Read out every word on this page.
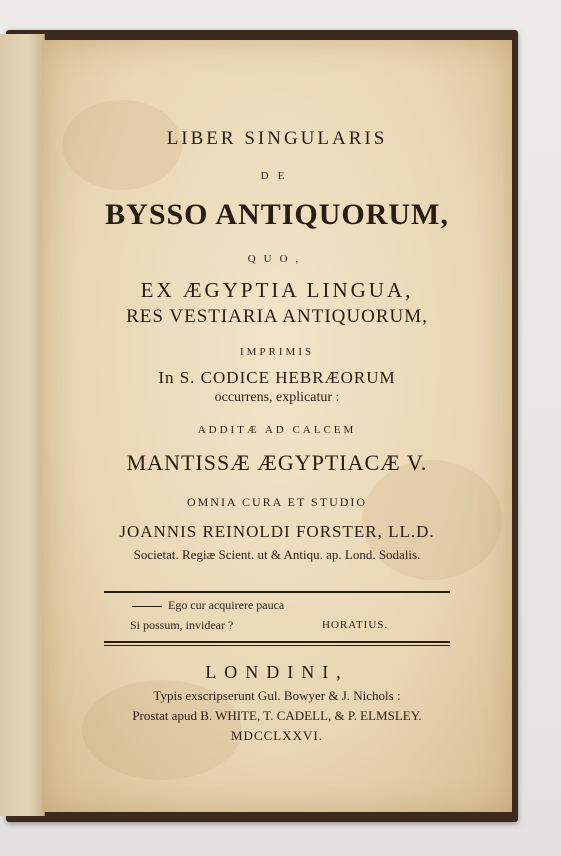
LIBER SINGULARIS
DE
BYSSO ANTIQUORUM,
QUO,
EX ÆGYPTIA LINGUA,
RES VESTIARIA ANTIQUORUM,
IMPRIMIS
In S. CODICE HEBRÆORUM
occurrens, explicatur :
ADDITÆ AD CALCEM
MANTISSÆ ÆGYPTIACÆ V.
OMNIA CURA ET STUDIO
JOANNIS REINOLDI FORSTER, LL.D.
Societat. Regiæ Scient. ut & Antiqu. ap. Lond. Sodalis.
Ego cur acquirere pauca
Si possum, invidear ?	HORATIUS.
LONDINI,
Typis exscripserunt Gul. Bowyer & J. Nichols :
Prostat apud B. WHITE, T. CADELL, & P. ELMSLEY.
MDCCLXXVI.
